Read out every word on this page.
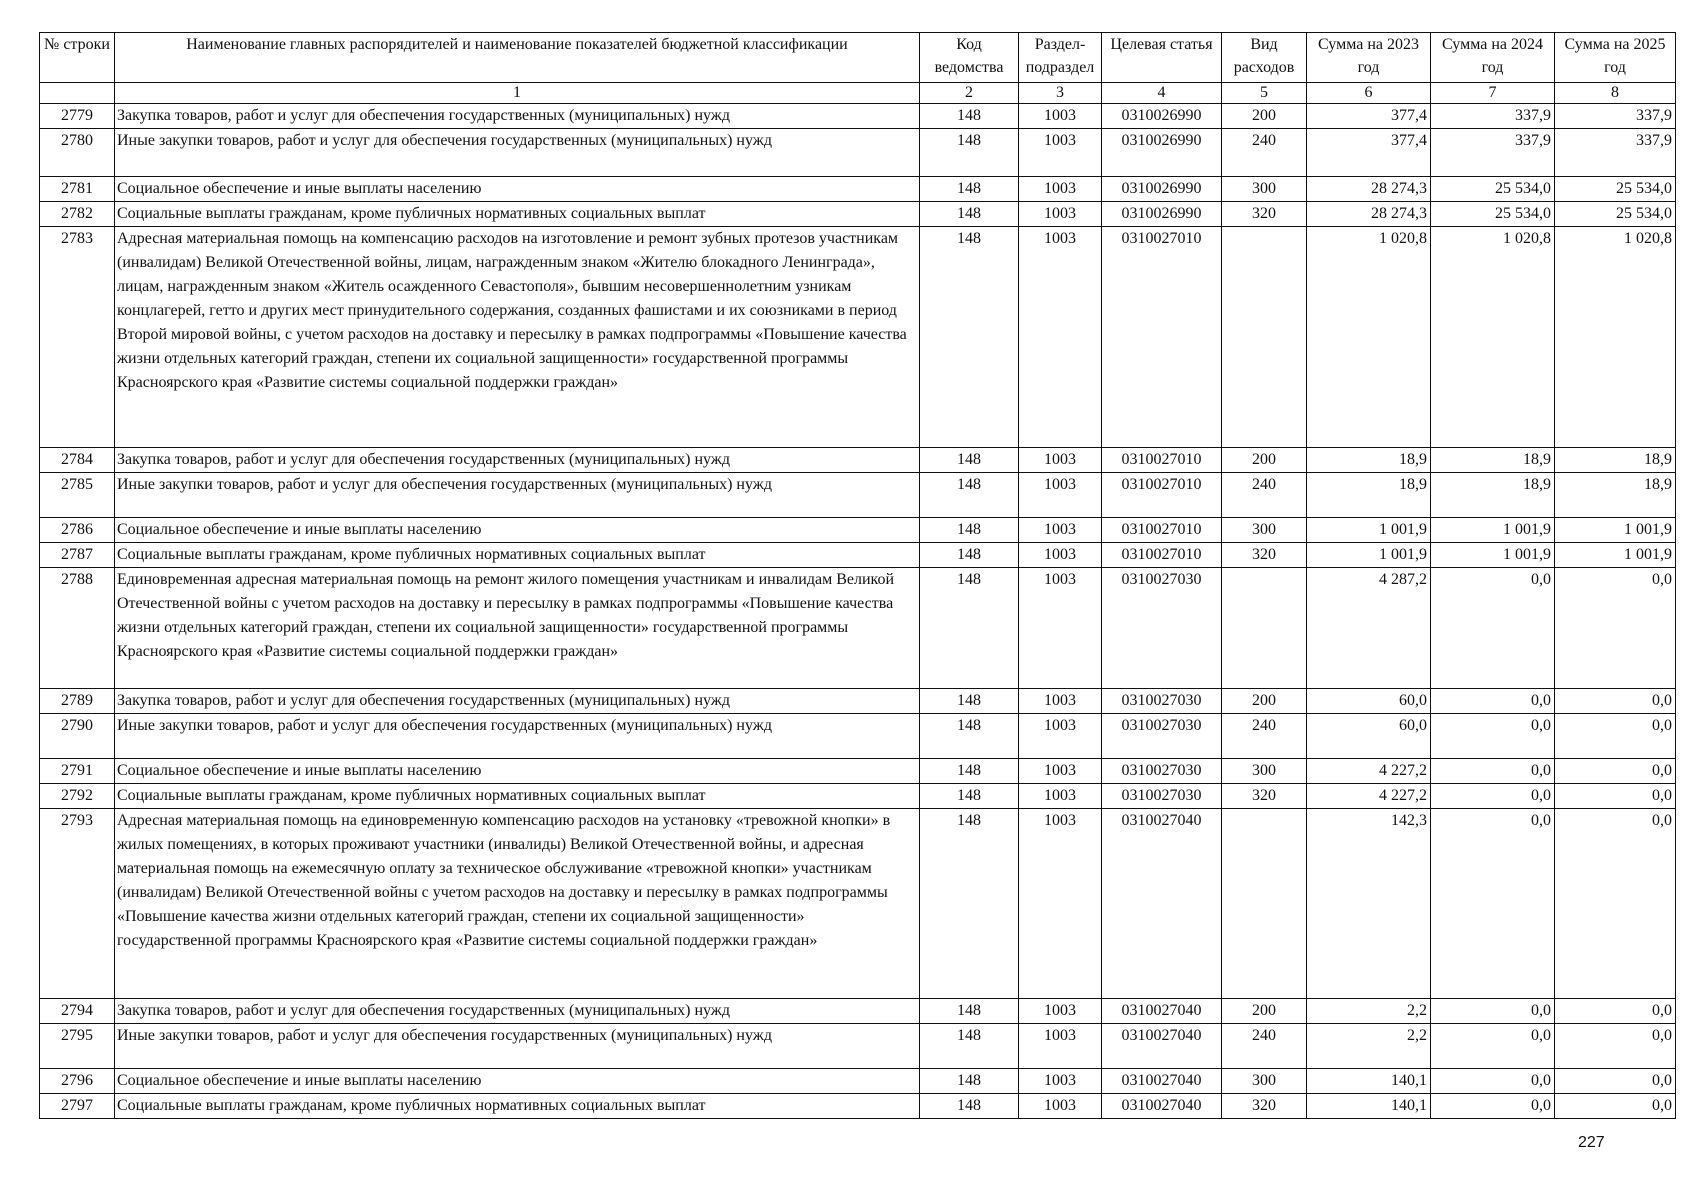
№ строки	Наименование главных распорядителей и наименование показателей бюджетной классификации	Код ведомства	Раздел-подраздел	Целевая статья	Вид расходов	Сумма на 2023 год	Сумма на 2024 год	Сумма на 2025 год
	1	2	3	4	5	6	7	8
2779	Закупка товаров, работ и услуг для обеспечения государственных (муниципальных) нужд	148	1003	0310026990	200	377,4	337,9	337,9
2780	Иные закупки товаров, работ и услуг для обеспечения государственных (муниципальных) нужд	148	1003	0310026990	240	377,4	337,9	337,9
2781	Социальное обеспечение и иные выплаты населению	148	1003	0310026990	300	28 274,3	25 534,0	25 534,0
2782	Социальные выплаты гражданам, кроме публичных нормативных социальных выплат	148	1003	0310026990	320	28 274,3	25 534,0	25 534,0
2783	Адресная материальная помощь на компенсацию расходов на изготовление и ремонт зубных протезов участникам (инвалидам) Великой Отечественной войны, лицам, награжденным знаком «Жителю блокадного Ленинграда», лицам, награжденным знаком «Житель осажденного Севастополя», бывшим несовершеннолетним узникам концлагерей, гетто и других мест принудительного содержания, созданных фашистами и их союзниками в период Второй мировой войны, с учетом расходов на доставку и пересылку в рамках подпрограммы «Повышение качества жизни отдельных категорий граждан, степени их социальной защищенности» государственной программы Красноярского края «Развитие системы социальной поддержки граждан»	148	1003	0310027010		1 020,8	1 020,8	1 020,8
2784	Закупка товаров, работ и услуг для обеспечения государственных (муниципальных) нужд	148	1003	0310027010	200	18,9	18,9	18,9
2785	Иные закупки товаров, работ и услуг для обеспечения государственных (муниципальных) нужд	148	1003	0310027010	240	18,9	18,9	18,9
2786	Социальное обеспечение и иные выплаты населению	148	1003	0310027010	300	1 001,9	1 001,9	1 001,9
2787	Социальные выплаты гражданам, кроме публичных нормативных социальных выплат	148	1003	0310027010	320	1 001,9	1 001,9	1 001,9
2788	Единовременная адресная материальная помощь на ремонт жилого помещения участникам и инвалидам Великой Отечественной войны с учетом расходов на доставку и пересылку в рамках подпрограммы «Повышение качества жизни отдельных категорий граждан, степени их социальной защищенности» государственной программы Красноярского края «Развитие системы социальной поддержки граждан»	148	1003	0310027030		4 287,2	0,0	0,0
2789	Закупка товаров, работ и услуг для обеспечения государственных (муниципальных) нужд	148	1003	0310027030	200	60,0	0,0	0,0
2790	Иные закупки товаров, работ и услуг для обеспечения государственных (муниципальных) нужд	148	1003	0310027030	240	60,0	0,0	0,0
2791	Социальное обеспечение и иные выплаты населению	148	1003	0310027030	300	4 227,2	0,0	0,0
2792	Социальные выплаты гражданам, кроме публичных нормативных социальных выплат	148	1003	0310027030	320	4 227,2	0,0	0,0
2793	Адресная материальная помощь на единовременную компенсацию расходов на установку «тревожной кнопки» в жилых помещениях, в которых проживают участники (инвалиды) Великой Отечественной войны, и адресная материальная помощь на ежемесячную оплату за техническое обслуживание «тревожной кнопки» участникам (инвалидам) Великой Отечественной войны с учетом расходов на доставку и пересылку в рамках подпрограммы «Повышение качества жизни отдельных категорий граждан, степени их социальной защищенности» государственной программы Красноярского края «Развитие системы социальной поддержки граждан»	148	1003	0310027040		142,3	0,0	0,0
2794	Закупка товаров, работ и услуг для обеспечения государственных (муниципальных) нужд	148	1003	0310027040	200	2,2	0,0	0,0
2795	Иные закупки товаров, работ и услуг для обеспечения государственных (муниципальных) нужд	148	1003	0310027040	240	2,2	0,0	0,0
2796	Социальное обеспечение и иные выплаты населению	148	1003	0310027040	300	140,1	0,0	0,0
2797	Социальные выплаты гражданам, кроме публичных нормативных социальных выплат	148	1003	0310027040	320	140,1	0,0	0,0
227
